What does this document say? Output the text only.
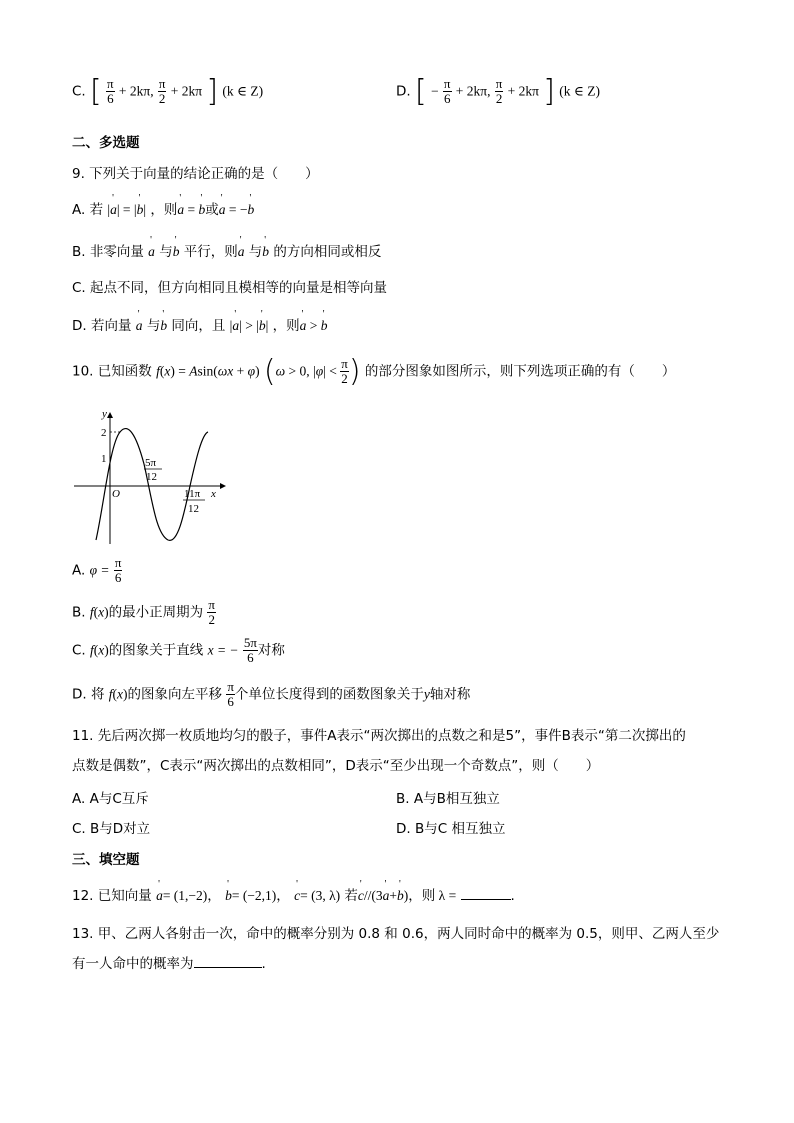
C. [ $\frac{\pi}{6} + 2k\pi$, $\frac{\pi}{2} + 2k\pi$ ] (k ∈ Z)	D. [ − $\frac{\pi}{6} + 2k\pi$, $\frac{\pi}{2} + 2k\pi$ ] (k ∈ Z)
二、多选题
9. 下列关于向量的结论正确的是（　　）
A. 若 |' a| = |' b| ，则' a = ' b或' a = −' b
B. 非零向量 ' a 与' b 平行，则' a 与' b 的方向相同或相反
C. 起点不同，但方向相同且模相等的向量是相等向量
D. 若向量 ' a 与' b 同向，且 |' a| > |' b| ，则' a > ' b
10. 已知函数 f(x) = Asin(ωx + φ) (ω > 0, $|\varphi| < \frac{\pi}{2}$ ) 的部分图象如图所示，则下列选项正确的有（　　）
y
x
O
2
1	5π
12
11π
12
A. $\varphi = \frac{\pi}{6}$
B. f(x)的最小正周期为 $\frac{\pi}{2}$
C. f(x)的图象关于直线 x = − $\frac{5\pi}{6}$ 对称
D. 将 f(x)的图象向左平移 $\frac{\pi}{6}$ 个单位长度得到的函数图象关于y轴对称
11. 先后两次掷一枚质地均匀的骰子，事件A表示“两次掷出的点数之和是5”，事件B表示“第二次掷出的
点数是偶数”，C表示“两次掷出的点数相同”，D表示“至少出现一个奇数点”，则（　　）
A. A与C互斥	B. A与B相互独立
C. B与D对立	D. B与C 相互独立
三、填空题
12. 已知向量 ' a= (1,−2)， ' b= (−2,1)， ' c= (3, λ) 若' c//(3' a+' b)，则 λ =	.
13. 甲、乙两人各射击一次，命中的概率分别为 0.8 和 0.6，两人同时命中的概率为 0.5，则甲、乙两人至少
有一人命中的概率为	.
